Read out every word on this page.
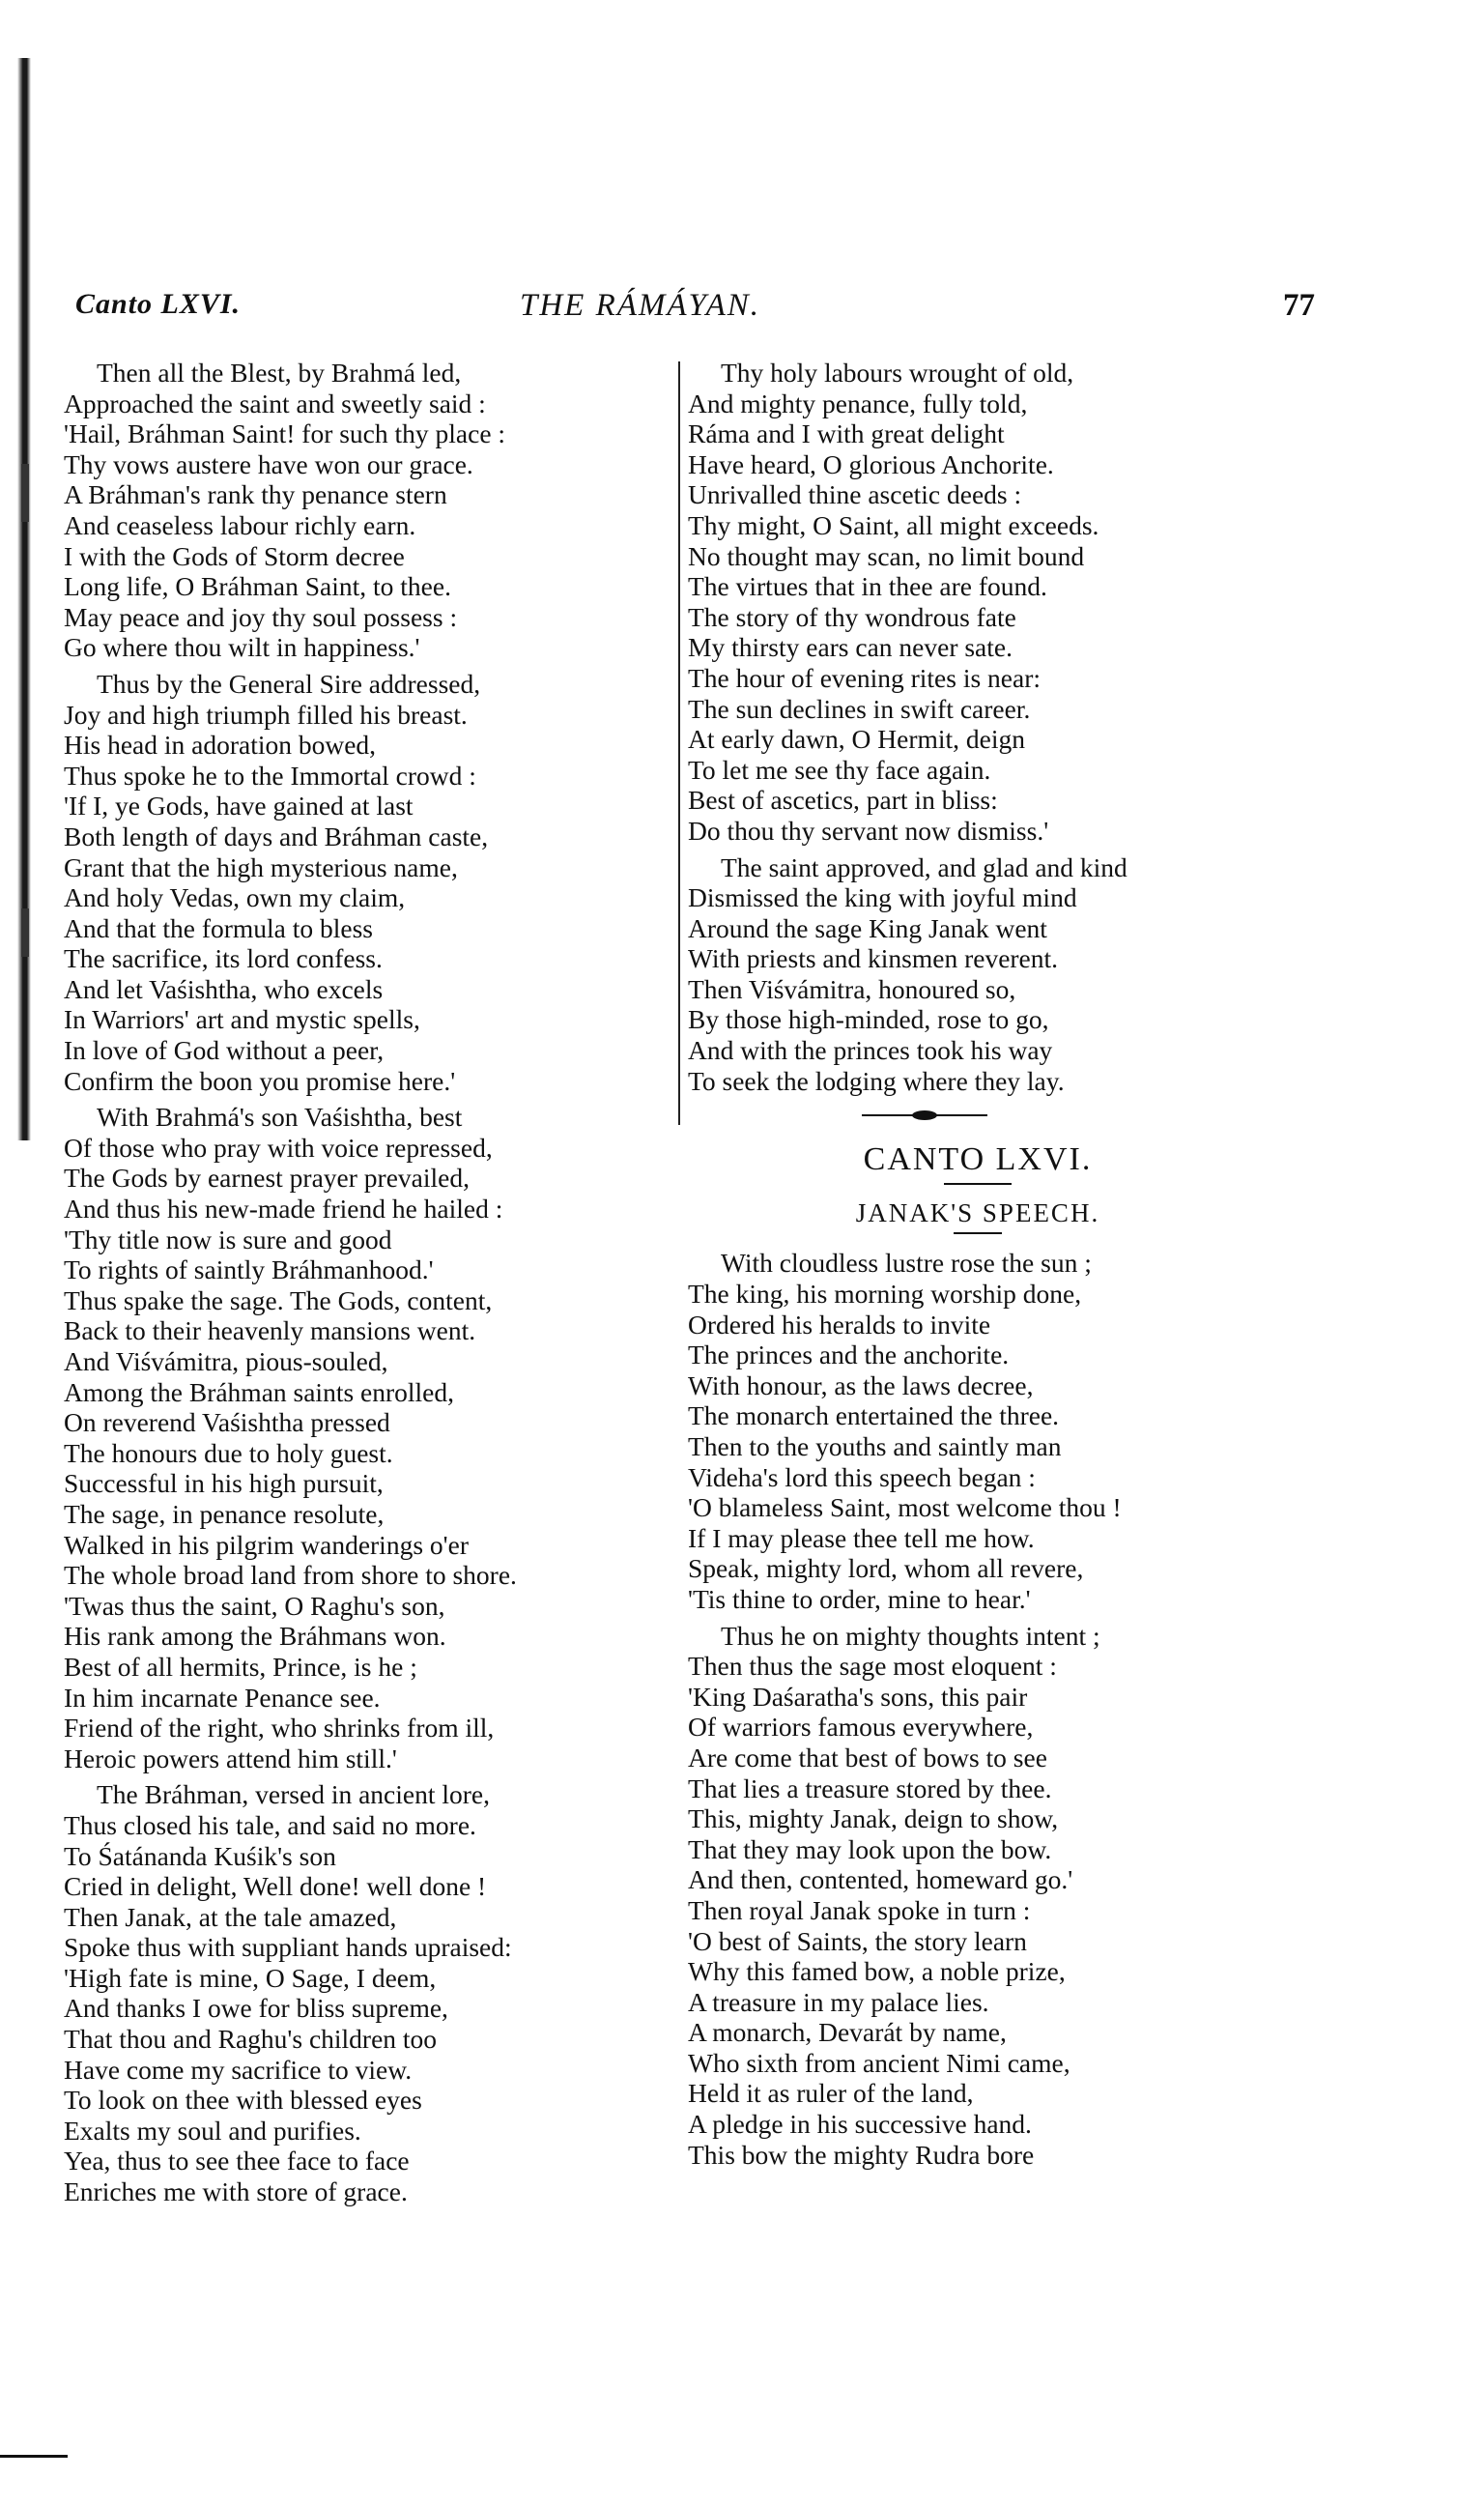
Canto LXVI.	THE RÁMÁYAN.	77
Then all the Blest, by Brahmá led,
Approached the saint and sweetly said :
'Hail, Bráhman Saint! for such thy place :
Thy vows austere have won our grace.
A Bráhman's rank thy penance stern
And ceaseless labour richly earn.
I with the Gods of Storm decree
Long life, O Bráhman Saint, to thee.
May peace and joy thy soul possess :
Go where thou wilt in happiness.'
Thus by the General Sire addressed,
Joy and high triumph filled his breast.
His head in adoration bowed,
Thus spoke he to the Immortal crowd :
'If I, ye Gods, have gained at last
Both length of days and Bráhman caste,
Grant that the high mysterious name,
And holy Vedas, own my claim,
And that the formula to bless
The sacrifice, its lord confess.
And let Vaśishtha, who excels
In Warriors' art and mystic spells,
In love of God without a peer,
Confirm the boon you promise here.'
With Brahmá's son Vaśishtha, best
Of those who pray with voice repressed,
The Gods by earnest prayer prevailed,
And thus his new-made friend he hailed :
'Thy title now is sure and good
To rights of saintly Bráhmanhood.'
Thus spake the sage. The Gods, content,
Back to their heavenly mansions went.
And Viśvámitra, pious-souled,
Among the Bráhman saints enrolled,
On reverend Vaśishtha pressed
The honours due to holy guest.
Successful in his high pursuit,
The sage, in penance resolute,
Walked in his pilgrim wanderings o'er
The whole broad land from shore to shore.
'Twas thus the saint, O Raghu's son,
His rank among the Bráhmans won.
Best of all hermits, Prince, is he ;
In him incarnate Penance see.
Friend of the right, who shrinks from ill,
Heroic powers attend him still.'
The Bráhman, versed in ancient lore,
Thus closed his tale, and said no more.
To Śatánanda Kuśik's son
Cried in delight, Well done! well done !
Then Janak, at the tale amazed,
Spoke thus with suppliant hands upraised:
'High fate is mine, O Sage, I deem,
And thanks I owe for bliss supreme,
That thou and Raghu's children too
Have come my sacrifice to view.
To look on thee with blessed eyes
Exalts my soul and purifies.
Yea, thus to see thee face to face
Enriches me with store of grace.
Thy holy labours wrought of old,
And mighty penance, fully told,
Ráma and I with great delight
Have heard, O glorious Anchorite.
Unrivalled thine ascetic deeds :
Thy might, O Saint, all might exceeds.
No thought may scan, no limit bound
The virtues that in thee are found.
The story of thy wondrous fate
My thirsty ears can never sate.
The hour of evening rites is near:
The sun declines in swift career.
At early dawn, O Hermit, deign
To let me see thy face again.
Best of ascetics, part in bliss:
Do thou thy servant now dismiss.'
The saint approved, and glad and kind
Dismissed the king with joyful mind
Around the sage King Janak went
With priests and kinsmen reverent.
Then Viśvámitra, honoured so,
By those high-minded, rose to go,
And with the princes took his way
To seek the lodging where they lay.
CANTO LXVI.
JANAK'S SPEECH.
With cloudless lustre rose the sun ;
The king, his morning worship done,
Ordered his heralds to invite
The princes and the anchorite.
With honour, as the laws decree,
The monarch entertained the three.
Then to the youths and saintly man
Videha's lord this speech began :
'O blameless Saint, most welcome thou !
If I may please thee tell me how.
Speak, mighty lord, whom all revere,
'Tis thine to order, mine to hear.'
Thus he on mighty thoughts intent ;
Then thus the sage most eloquent :
'King Daśaratha's sons, this pair
Of warriors famous everywhere,
Are come that best of bows to see
That lies a treasure stored by thee.
This, mighty Janak, deign to show,
That they may look upon the bow.
And then, contented, homeward go.'
Then royal Janak spoke in turn :
'O best of Saints, the story learn
Why this famed bow, a noble prize,
A treasure in my palace lies.
A monarch, Devarát by name,
Who sixth from ancient Nimi came,
Held it as ruler of the land,
A pledge in his successive hand.
This bow the mighty Rudra bore
